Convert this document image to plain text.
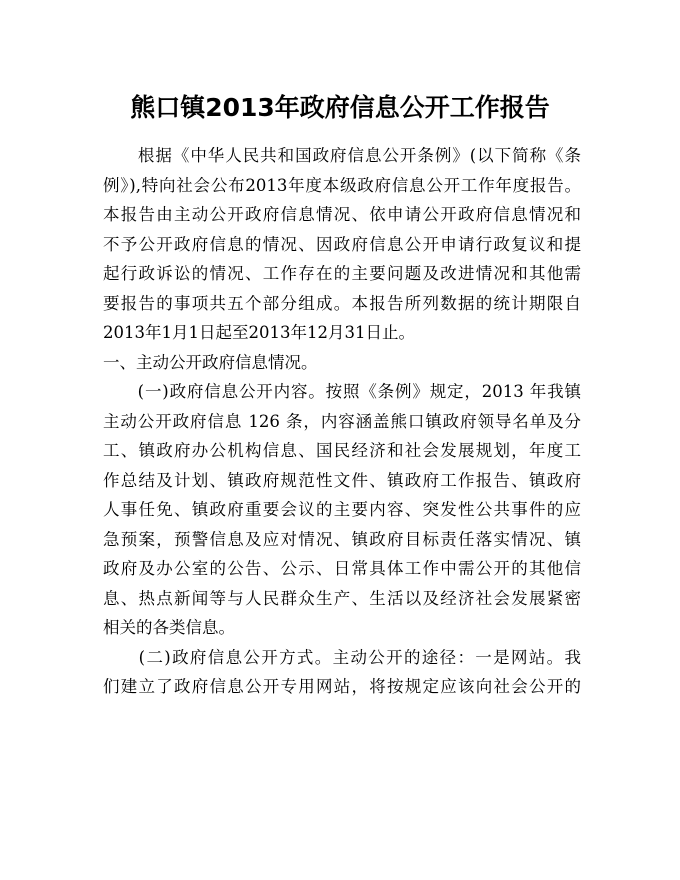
熊口镇2013年政府信息公开工作报告
　　根据《中华人民共和国政府信息公开条例》(以下简称《条
例》),特向社会公布2013年度本级政府信息公开工作年度报告。
本报告由主动公开政府信息情况、依申请公开政府信息情况和
不予公开政府信息的情况、因政府信息公开申请行政复议和提
起行政诉讼的情况、工作存在的主要问题及改进情况和其他需
要报告的事项共五个部分组成。本报告所列数据的统计期限自
2013年1月1日起至2013年12月31日止。
一、主动公开政府信息情况。
　　(一)政府信息公开内容。按照《条例》规定，2013 年我镇
主动公开政府信息 126 条，内容涵盖熊口镇政府领导名单及分
工、镇政府办公机构信息、国民经济和社会发展规划，年度工
作总结及计划、镇政府规范性文件、镇政府工作报告、镇政府
人事任免、镇政府重要会议的主要内容、突发性公共事件的应
急预案，预警信息及应对情况、镇政府目标责任落实情况、镇
政府及办公室的公告、公示、日常具体工作中需公开的其他信
息、热点新闻等与人民群众生产、生活以及经济社会发展紧密
相关的各类信息。
　　(二)政府信息公开方式。主动公开的途径：一是网站。我
们建立了政府信息公开专用网站，将按规定应该向社会公开的
